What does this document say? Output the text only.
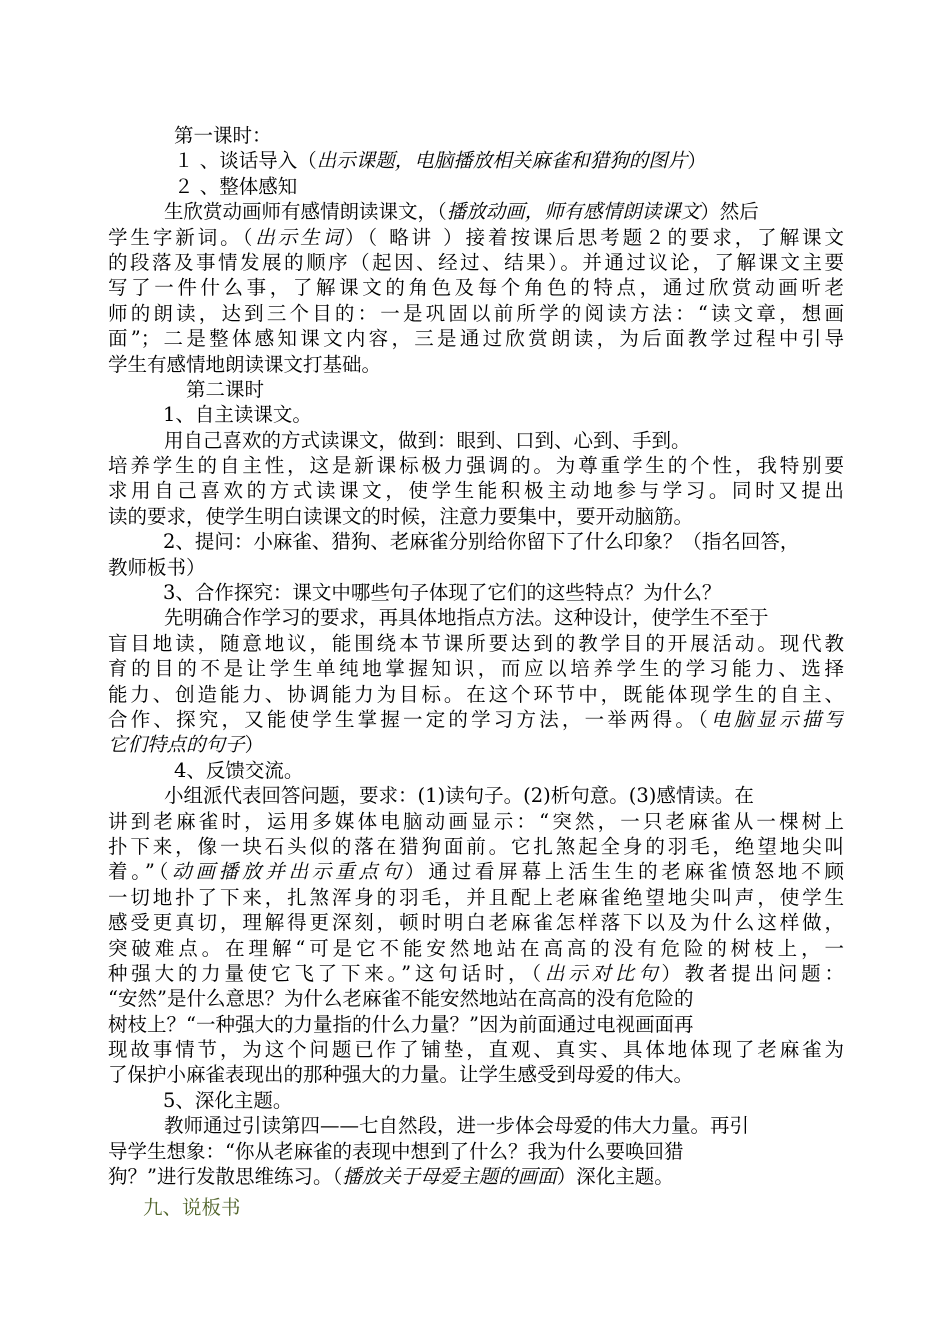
第一课时：
１ 、谈话导入（出示课题，电脑播放相关麻雀和猎狗的图片）
２ 、整体感知
生欣赏动画师有感情朗读课文，（播放动画，师有感情朗读课文）然后
学生字新词。（出示生词）（ 略讲 ）接着按课后思考题２的要求，了解课文
的段落及事情发展的顺序（起因、经过、结果）。并通过议论，了解课文主要
写了一件什么事，了解课文的角色及每个角色的特点，通过欣赏动画听老
师的朗读，达到三个目的：一是巩固以前所学的阅读方法：“读文章，想画
面”；二是整体感知课文内容，三是通过欣赏朗读，为后面教学过程中引导
学生有感情地朗读课文打基础。
第二课时
1、自主读课文。
用自己喜欢的方式读课文，做到：眼到、口到、心到、手到。
培养学生的自主性，这是新课标极力强调的。为尊重学生的个性，我特别要
求用自己喜欢的方式读课文，使学生能积极主动地参与学习。同时又提出
读的要求，使学生明白读课文的时候，注意力要集中，要开动脑筋。
2、提问：小麻雀、猎狗、老麻雀分别给你留下了什么印象？（指名回答，
教师板书）
3、合作探究：课文中哪些句子体现了它们的这些特点？为什么？
先明确合作学习的要求，再具体地指点方法。这种设计，使学生不至于
盲目地读，随意地议，能围绕本节课所要达到的教学目的开展活动。现代教
育的目的不是让学生单纯地掌握知识，而应以培养学生的学习能力、选择
能力、创造能力、协调能力为目标。在这个环节中，既能体现学生的自主、
合作、探究，又能使学生掌握一定的学习方法，一举两得。（电脑显示描写
它们特点的句子）
4、反馈交流。
小组派代表回答问题，要求：(1)读句子。(2)析句意。(3)感情读。在
讲到老麻雀时，运用多媒体电脑动画显示：“突然，一只老麻雀从一棵树上
扑下来，像一块石头似的落在猎狗面前。它扎煞起全身的羽毛，绝望地尖叫
着。”（动画播放并出示重点句）通过看屏幕上活生生的老麻雀愤怒地不顾
一切地扑了下来，扎煞浑身的羽毛，并且配上老麻雀绝望地尖叫声，使学生
感受更真切，理解得更深刻，顿时明白老麻雀怎样落下以及为什么这样做，
突破难点。在理解“可是它不能安然地站在高高的没有危险的树枝上，一
种强大的力量使它飞了下来。”这句话时，（出示对比句）教者提出问题：
“安然”是什么意思？为什么老麻雀不能安然地站在高高的没有危险的
树枝上？“一种强大的力量指的什么力量？”因为前面通过电视画面再
现故事情节，为这个问题已作了铺垫，直观、真实、具体地体现了老麻雀为
了保护小麻雀表现出的那种强大的力量。让学生感受到母爱的伟大。
5、深化主题。
教师通过引读第四——七自然段，进一步体会母爱的伟大力量。再引
导学生想象：“你从老麻雀的表现中想到了什么？我为什么要唤回猎
狗？”进行发散思维练习。（播放关于母爱主题的画面）深化主题。
九、说板书
